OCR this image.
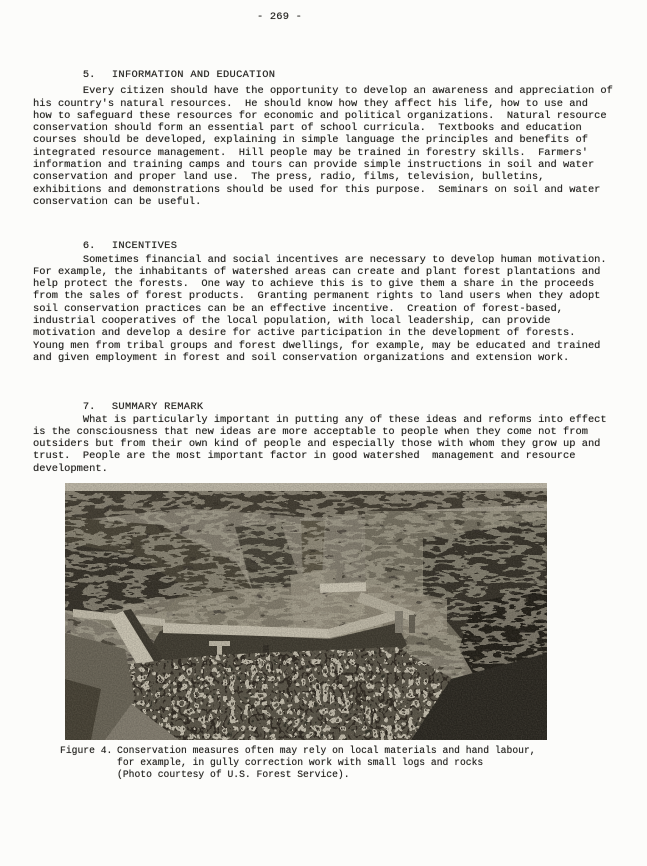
- 269 -

5. INFORMATION AND EDUCATION

Every citizen should have the opportunity to develop an awareness and appreciation of
his country's natural resources.  He should know how they affect his life, how to use and
how to safeguard these resources for economic and political organizations.  Natural resource
conservation should form an essential part of school curricula.  Textbooks and education
courses should be developed, explaining in simple language the principles and benefits of
integrated resource management.  Hill people may be trained in forestry skills.  Farmers'
information and training camps and tours can provide simple instructions in soil and water
conservation and proper land use.  The press, radio, films, television, bulletins,
exhibitions and demonstrations should be used for this purpose.  Seminars on soil and water
conservation can be useful.

6. INCENTIVES

Sometimes financial and social incentives are necessary to develop human motivation.
For example, the inhabitants of watershed areas can create and plant forest plantations and
help protect the forests.  One way to achieve this is to give them a share in the proceeds
from the sales of forest products.  Granting permanent rights to land users when they adopt
soil conservation practices can be an effective incentive.  Creation of forest-based,
industrial cooperatives of the local population, with local leadership, can provide
motivation and develop a desire for active participation in the development of forests.
Young men from tribal groups and forest dwellings, for example, may be educated and trained
and given employment in forest and soil conservation organizations and extension work.

7. SUMMARY REMARK

What is particularly important in putting any of these ideas and reforms into effect
is the consciousness that new ideas are more acceptable to people when they come not from
outsiders but from their own kind of people and especially those with whom they grow up and
trust.  People are the most important factor in good watershed  management and resource
development.
Figure 4. Conservation measures often may rely on local materials and hand labour,
for example, in gully correction work with small logs and rocks
(Photo courtesy of U.S. Forest Service).
